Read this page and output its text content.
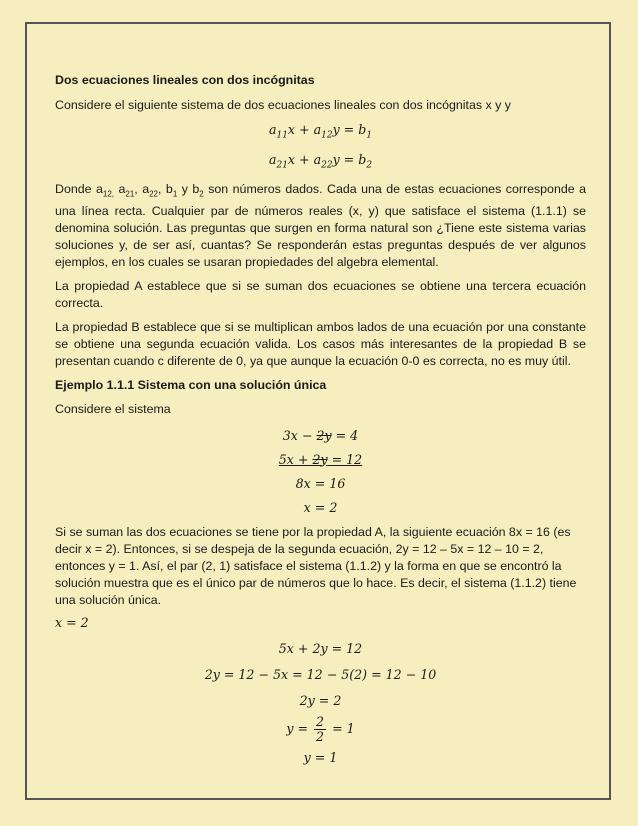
Dos ecuaciones lineales con dos incógnitas

Considere el siguiente sistema de dos ecuaciones lineales con dos incógnitas x y y

$a_{11}x + a_{12}y = b_1$
$a_{21}x + a_{22}y = b_2$

Donde $a_{12,}$ $a_{21}$, $a_{22}$, $b_1$ y $b_2$ son números dados. Cada una de estas ecuaciones corresponde a una línea recta. Cualquier par de números reales (x, y) que satisface el sistema (1.1.1) se denomina solución. Las preguntas que surgen en forma natural son ¿Tiene este sistema varias soluciones y, de ser así, cuantas? Se responderán estas preguntas después de ver algunos ejemplos, en los cuales se usaran propiedades del algebra elemental.

La propiedad A establece que si se suman dos ecuaciones se obtiene una tercera ecuación correcta.

La propiedad B establece que si se multiplican ambos lados de una ecuación por una constante se obtiene una segunda ecuación valida. Los casos más interesantes de la propiedad B se presentan cuando c diferente de 0, ya que aunque la ecuación 0-0 es correcta, no es muy útil.

Ejemplo 1.1.1 Sistema con una solución única

Considere el sistema

3x − 2y = 4
5x + 2y = 12
8x = 16
x = 2

Si se suman las dos ecuaciones se tiene por la propiedad A, la siguiente ecuación 8x = 16 (es decir x = 2). Entonces, si se despeja de la segunda ecuación, 2y = 12 – 5x = 12 – 10 = 2, entonces y = 1. Así, el par (2, 1) satisface el sistema (1.1.2) y la forma en que se encontró la solución muestra que es el único par de números que lo hace. Es decir, el sistema (1.1.2) tiene una solución única.

x = 2
5x + 2y = 12
2y = 12 − 5x = 12 − 5(2) = 12 − 10
2y = 2
$y = \frac{2}{2} = 1$
y = 1
